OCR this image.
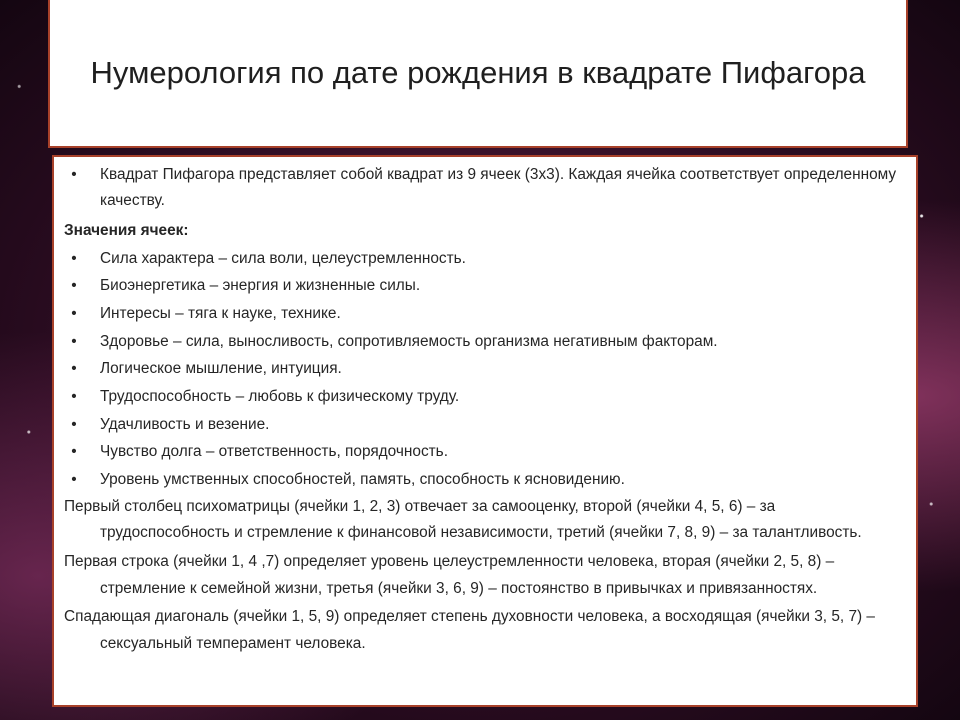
Нумерология по дате рождения в квадрате Пифагора
•	Квадрат Пифагора представляет собой квадрат из 9 ячеек (3х3). Каждая ячейка соответствует определенному качеству.

Значения ячеек:

•	Сила характера – сила воли, целеустремленность.
•	Биоэнергетика – энергия и жизненные силы.
•	Интересы – тяга к науке, технике.
•	Здоровье – сила, выносливость, сопротивляемость организма негативным факторам.
•	Логическое мышление, интуиция.
•	Трудоспособность – любовь к физическому труду.
•	Удачливость и везение.
•	Чувство долга – ответственность, порядочность.
•	Уровень умственных способностей, память, способность к ясновидению.

Первый столбец психоматрицы (ячейки 1, 2, 3) отвечает за самооценку, второй (ячейки 4, 5, 6) – за трудоспособность и стремление к финансовой независимости, третий (ячейки 7, 8, 9) – за талантливость.

Первая строка (ячейки 1, 4 ,7) определяет уровень целеустремленности человека, вторая (ячейки 2, 5, 8) – стремление к семейной жизни, третья (ячейки 3, 6, 9) – постоянство в привычках и привязанностях.

Спадающая диагональ (ячейки 1, 5, 9) определяет степень духовности человека, а восходящая (ячейки 3, 5, 7) – сексуальный темперамент человека.
